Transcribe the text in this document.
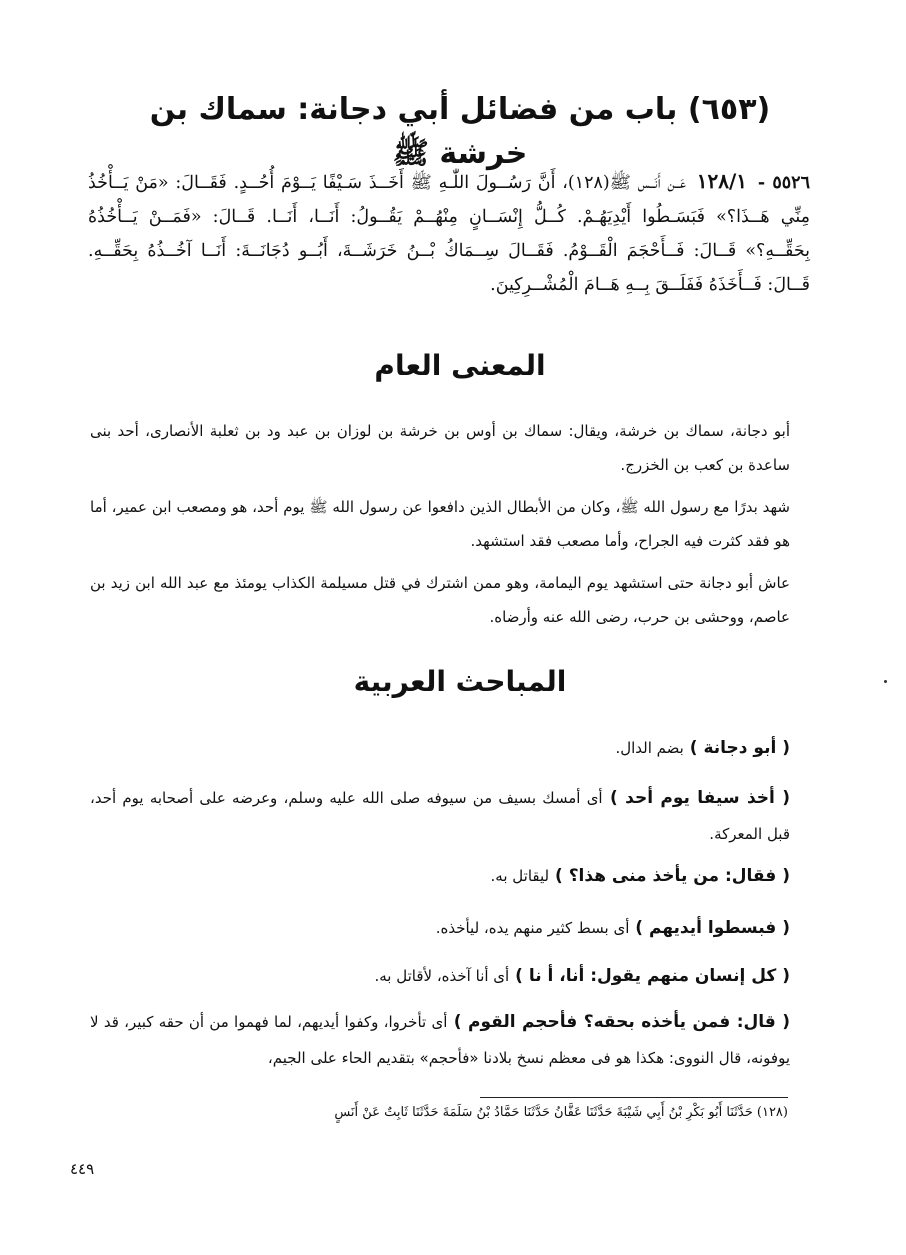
(٦٥٣) باب من فضائل أبي دجانة: سماك بن خرشة ﷺ
٥٥٢٦ - ١٢٨/١ عَــن أَنَــس ﷺ(١٢٨)، أَنَّ رَسُــولَ اللّٰـهِ ﷺ أَخَــذَ سَـيْفًا يَــوْمَ أُحُــدٍ. فَقَــالَ: «مَنْ يَــأْخُذُ مِنِّي هَــذَا؟» فَبَسَـطُوا أَيْدِيَهُـمْ. كُــلُّ إِنْسَــانٍ مِنْهُــمْ يَقُــولُ: أَنَــا، أَنَــا. قَــالَ: «فَمَــنْ يَــأْخُذُهُ بِحَقِّــهِ؟» قَــالَ: فَــأَحْجَمَ الْقَــوْمُ. فَقَــالَ سِــمَاكُ بْــنُ خَرَشَــةَ، أَبُــو دُجَانَــةَ: أَنَــا آخُــذُهُ بِحَقِّــهِ. قَــالَ: فَــأَخَذَهُ فَفَلَــقَ بِــهِ هَــامَ الْمُشْــرِكِينَ.
المعنى العام
أبو دجانة، سماك بن خرشة، ويقال: سماك بن أوس بن خرشة بن لوزان بن عبد ود بن ثعلبة الأنصارى، أحد بنى ساعدة بن كعب بن الخزرج.
شهد بدرًا مع رسول الله ﷺ، وكان من الأبطال الذين دافعوا عن رسول الله ﷺ يوم أحد، هو ومصعب ابن عمير، أما هو فقد كثرت فيه الجراح، وأما مصعب فقد استشهد.
عاش أبو دجانة حتى استشهد يوم اليمامة، وهو ممن اشترك في قتل مسيلمة الكذاب يومئذ مع عبد الله ابن زيد بن عاصم، ووحشى بن حرب، رضى الله عنه وأرضاه.
المباحث العربية
( أبو دجانة ) بضم الدال.
( أخذ سيفا يوم أحد ) أى أمسك بسيف من سيوفه صلى الله عليه وسلم، وعرضه على أصحابه يوم أحد، قبل المعركة.
( فقال: من يأخذ منى هذا؟ ) ليقاتل به.
( فبسطوا أيديهم ) أى بسط كثير منهم يده، ليأخذه.
( كل إنسان منهم يقول: أنا، أ نا ) أى أنا آخذه، لأقاتل به.
( قال: فمن يأخذه بحقه؟ فأحجم القوم ) أى تأخروا، وكفوا أيديهم، لما فهموا من أن حقه كبير، قد لا يوفونه، قال النووى: هكذا هو فى معظم نسخ بلادنا «فأحجم» بتقديم الحاء على الجيم،
(١٢٨) حَدَّثَنَا أَبُو بَكْرِ بْنُ أَبِي شَيْبَةَ حَدَّثَنَا عَفَّانُ حَدَّثَنَا حَمَّادُ بْنُ سَلَمَةَ حَدَّثَنَا ثَابِتٌ عَنْ أَنَسٍ
٤٤٩
